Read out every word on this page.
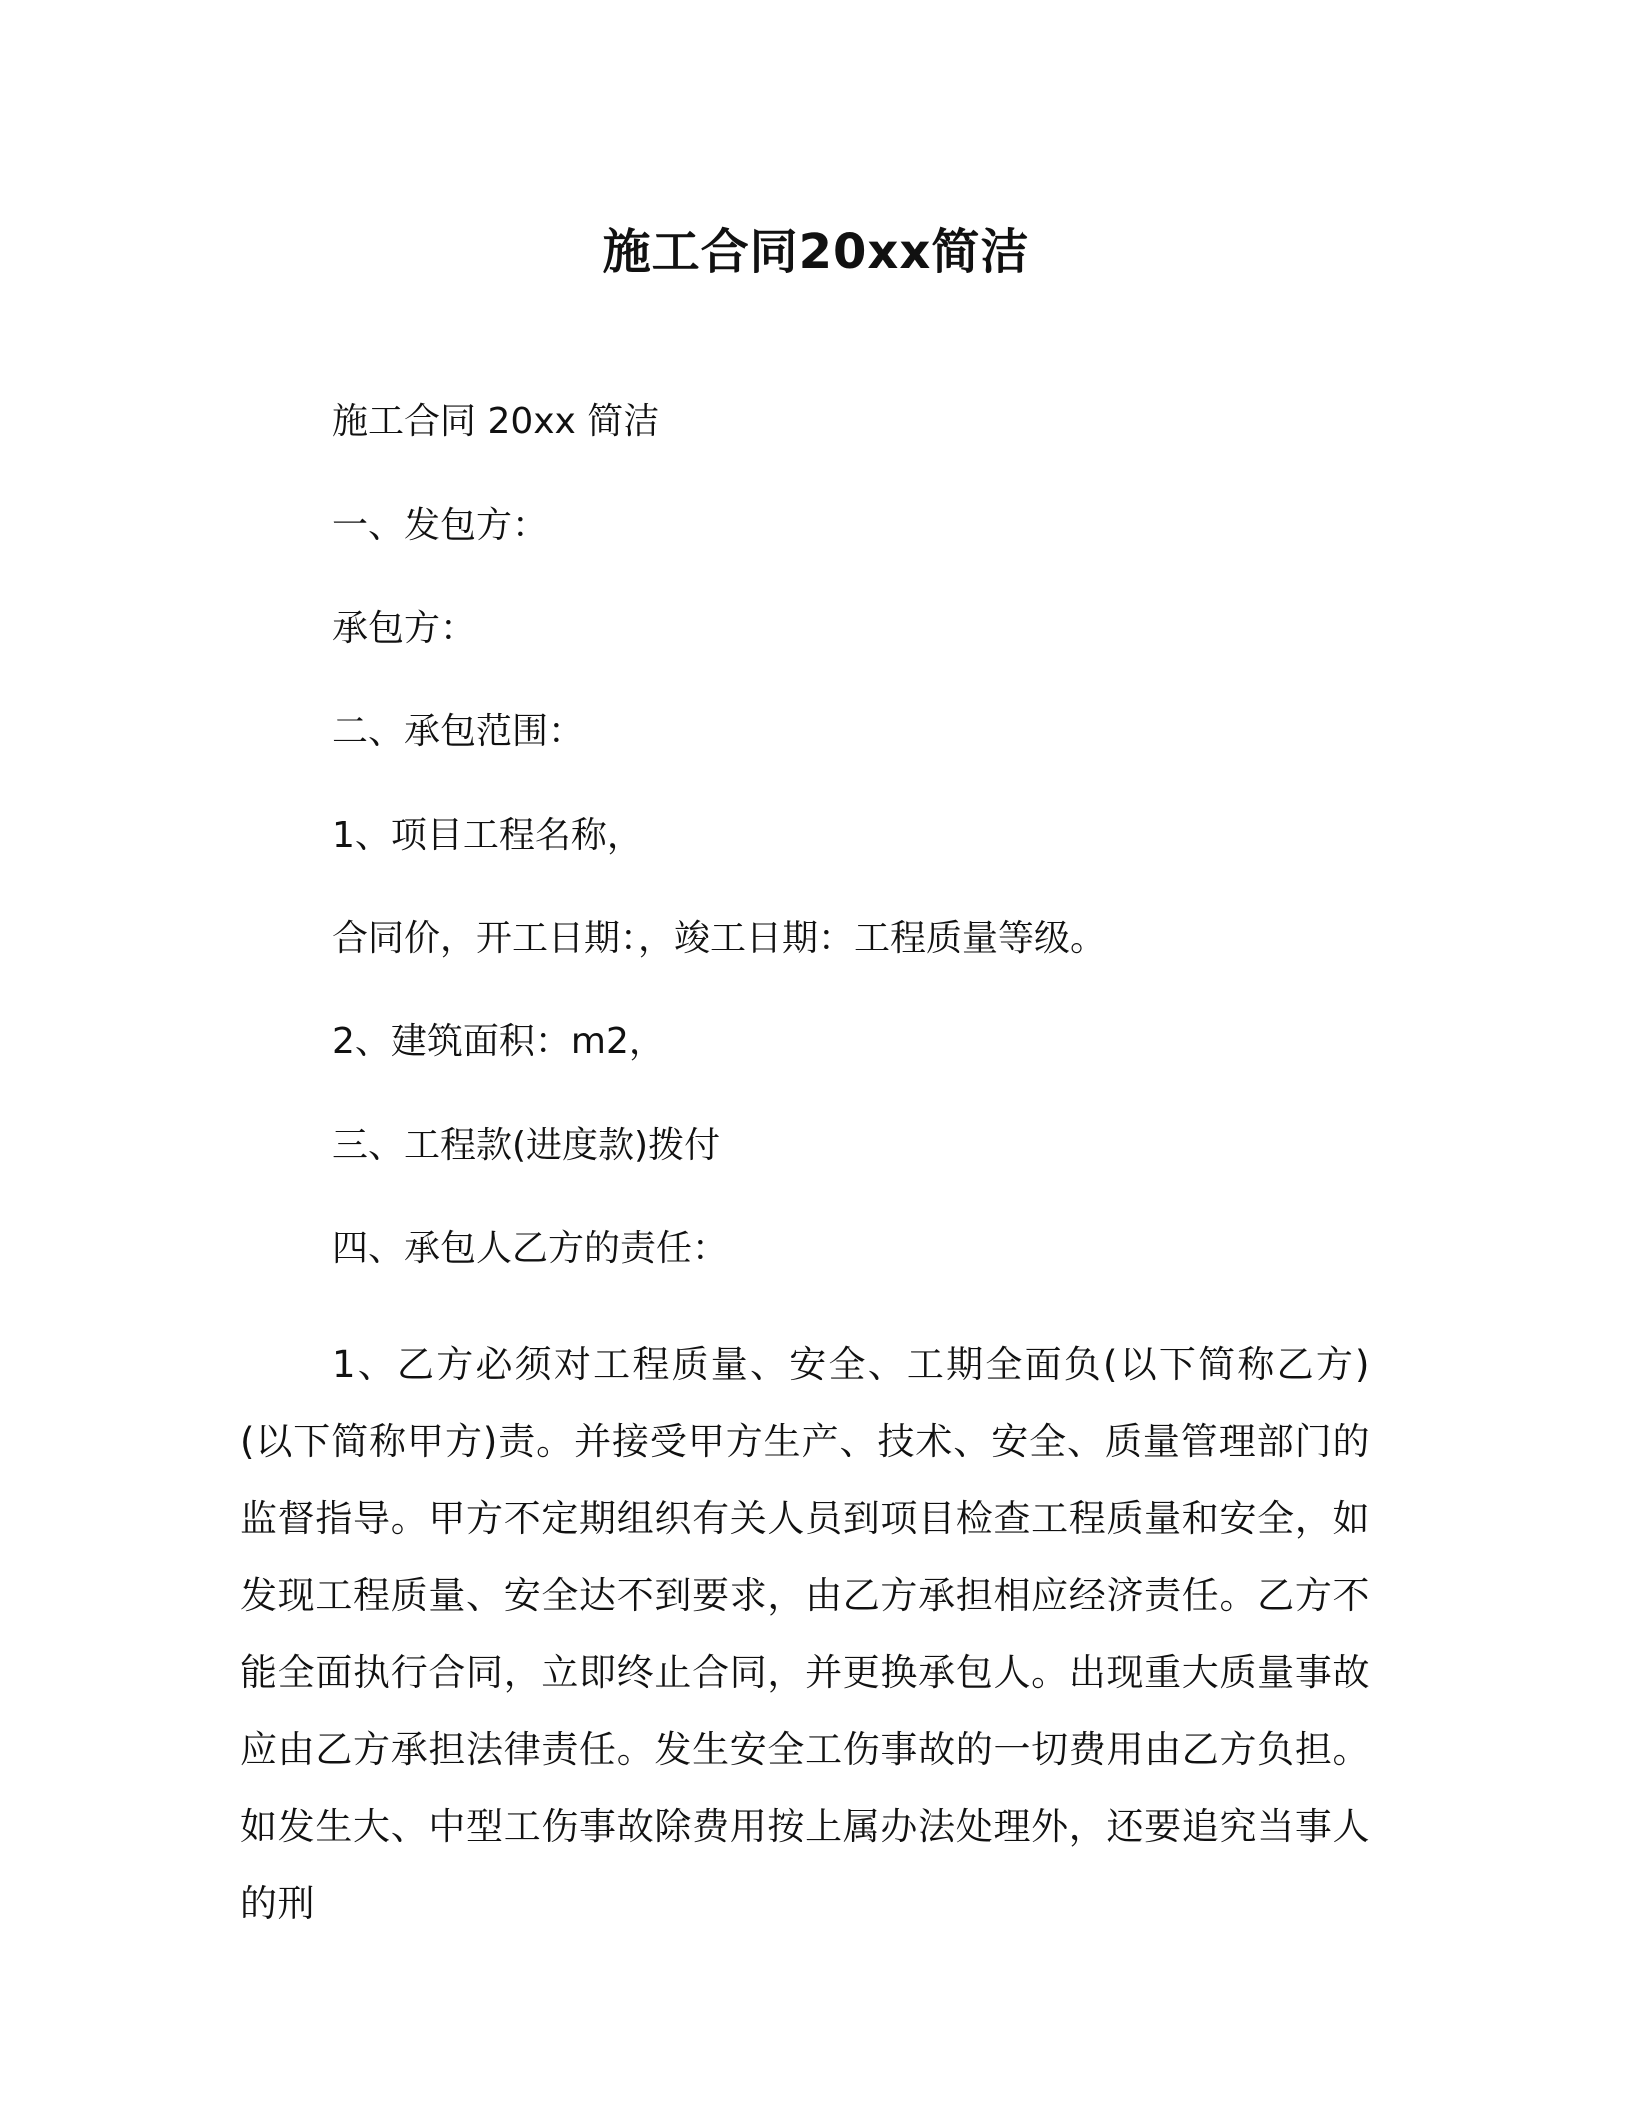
施工合同20xx简洁
施工合同 20xx 简洁
一、发包方：
承包方：
二、承包范围：
1、项目工程名称，
合同价，开工日期：，竣工日期：工程质量等级。
2、建筑面积：m2，
三、工程款(进度款)拨付
四、承包人乙方的责任：
1、乙方必须对工程质量、安全、工期全面负(以下简称乙方)(以下简称甲方)责。并接受甲方生产、技术、安全、质量管理部门的监督指导。甲方不定期组织有关人员到项目检查工程质量和安全，如发现工程质量、安全达不到要求，由乙方承担相应经济责任。乙方不能全面执行合同，立即终止合同，并更换承包人。出现重大质量事故应由乙方承担法律责任。发生安全工伤事故的一切费用由乙方负担。如发生大、中型工伤事故除费用按上属办法处理外，还要追究当事人的刑
